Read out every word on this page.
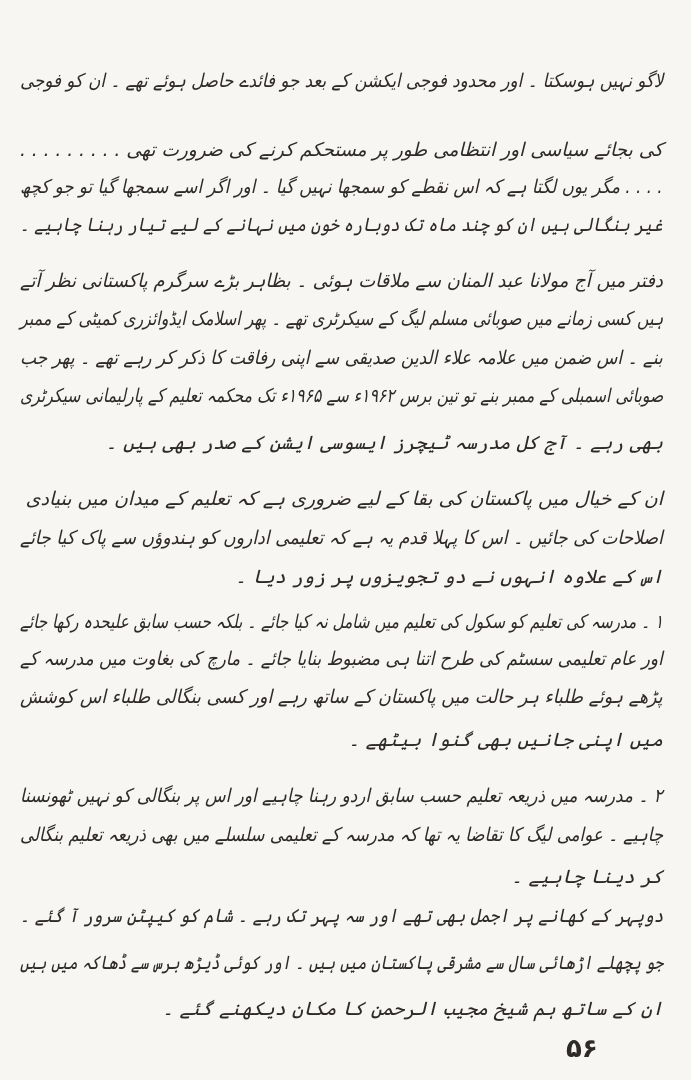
لاگو نہیں ہوسکتا ۔ اور محدود فوجی ایکشن کے بعد جو فائدے حاصل ہوئے تھے ۔ ان کو فوجی
کی بجائے سیاسی اور انتظامی طور پر مستحکم کرنے کی ضرورت تھی . . . . . . . . .
. . . . مگر یوں لگتا ہے کہ اس نقطے کو سمجھا نہیں گیا ۔ اور اگر اسے سمجھا گیا تو جو کچھ
غیر بنگالی ہیں ان کو چند ماہ تک دوبارہ خون میں نہانے کے لیے تیار رہنا چاہیے ۔
دفتر میں آج مولانا عبد المنان سے ملاقات ہوئی ۔ بظاہر بڑے سرگرم پاکستانی نظر آتے
ہیں کسی زمانے میں صوبائی مسلم لیگ کے سیکرٹری تھے ۔ پھر اسلامک ایڈوائزری کمیٹی کے ممبر
بنے ۔ اس ضمن میں علامہ علاء الدین صدیقی سے اپنی رفاقت کا ذکر کر رہے تھے ۔ پھر جب
صوبائی اسمبلی کے ممبر بنے تو تین برس ۱۹۶۲ء سے ۱۹۶۵ء تک محکمہ تعلیم کے پارلیمانی سیکرٹری
بھی رہے ۔ آج کل مدرسہ ٹیچرز ایسوسی ایشن کے صدر بھی ہیں ۔
ان کے خیال میں پاکستان کی بقا کے لیے ضروری ہے کہ تعلیم کے میدان میں بنیادی
اصلاحات کی جائیں ۔ اس کا پہلا قدم یہ ہے کہ تعلیمی اداروں کو ہندوؤں سے پاک کیا جائے
اس کے علاوہ انہوں نے دو تجویزوں پر زور دیا ۔
۱ ۔ مدرسہ کی تعلیم کو سکول کی تعلیم میں شامل نہ کیا جائے ۔ بلکہ حسب سابق علیحدہ رکھا جائے
اور عام تعلیمی سسٹم کی طرح اتنا ہی مضبوط بنایا جائے ۔ مارچ کی بغاوت میں مدرسہ کے
پڑھے ہوئے طلباء ہر حالت میں پاکستان کے ساتھ رہے اور کسی بنگالی طلباء اس کوشش
میں اپنی جانیں بھی گنوا بیٹھے ۔
۲ ۔ مدرسہ میں ذریعہ تعلیم حسب سابق اردو رہنا چاہیے اور اس پر بنگالی کو نہیں ٹھونسنا
چاہیے ۔ عوامی لیگ کا تقاضا یہ تھا کہ مدرسہ کے تعلیمی سلسلے میں بھی ذریعہ تعلیم بنگالی
کر دینا چاہیے ۔
دوپہر کے کھانے پر اجمل بھی تھے اور سہ پہر تک رہے ۔ شام کو کیپٹن سرور آ گئے ۔
جو پچھلے اڑھائی سال سے مشرقی پاکستان میں ہیں ۔ اور کوئی ڈیڑھ برس سے ڈھاکہ میں ہیں
ان کے ساتھ ہم شیخ مجیب الرحمن کا مکان دیکھنے گئے ۔
۵۶
